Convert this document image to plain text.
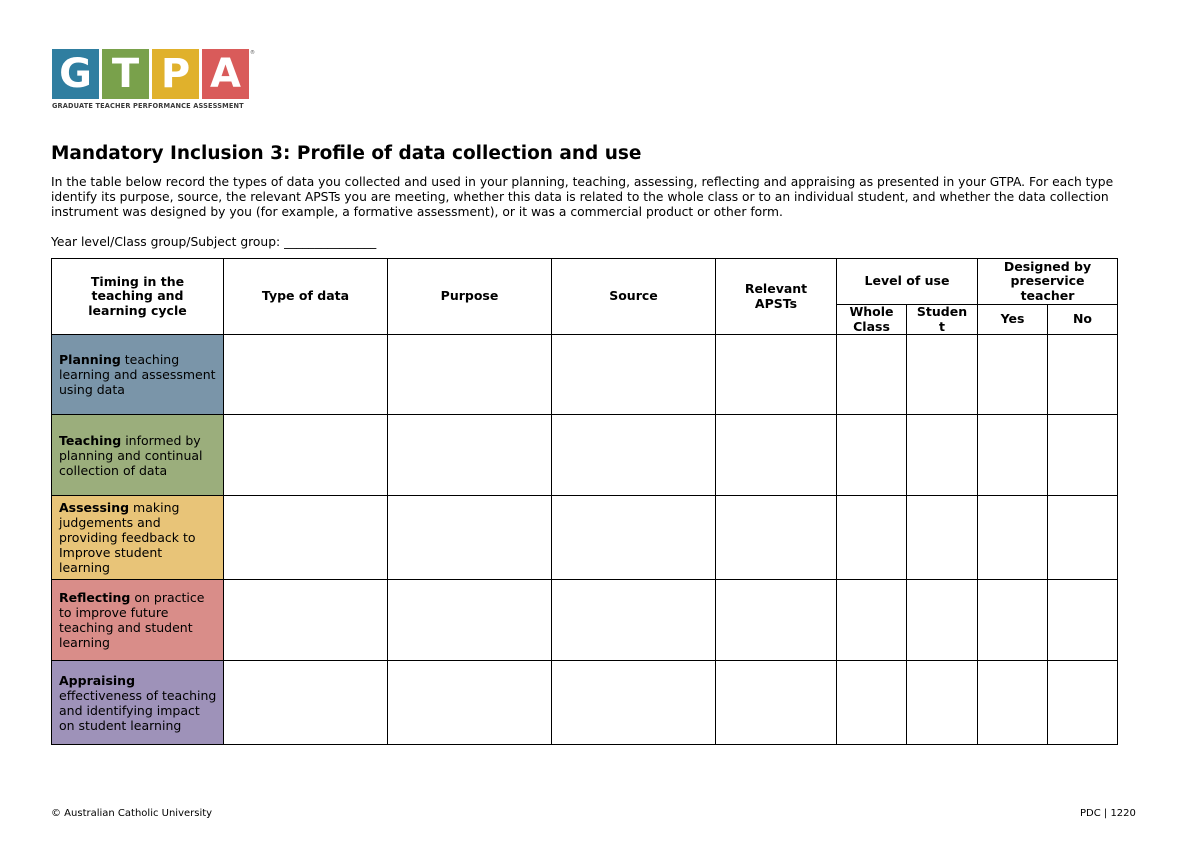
G T P A
GRADUATE TEACHER PERFORMANCE ASSESSMENT
®
Mandatory Inclusion 3: Profile of data collection and use

In the table below record the types of data you collected and used in your planning, teaching, assessing, reflecting and appraising as presented in your GTPA. For each type identify its purpose, source, the relevant APSTs you are meeting, whether this data is related to the whole class or to an individual student, and whether the data collection instrument was designed by you (for example, a formative assessment), or it was a commercial product or other form.

Year level/Class group/Subject group: _______________
Timing in the teaching and learning cycle	Type of data	Purpose	Source	Relevant APSTs	Level of use		Designed by preservice teacher	
					Whole Class	Studen t	Yes	No
Planning teaching learning and assessment using data								
Teaching informed by planning and continual collection of data								
Assessing making judgements and providing feedback to Improve student learning								
Reflecting on practice to improve future teaching and student learning								
Appraising effectiveness of teaching and identifying impact on student learning								
© Australian Catholic University	PDC | 1220
